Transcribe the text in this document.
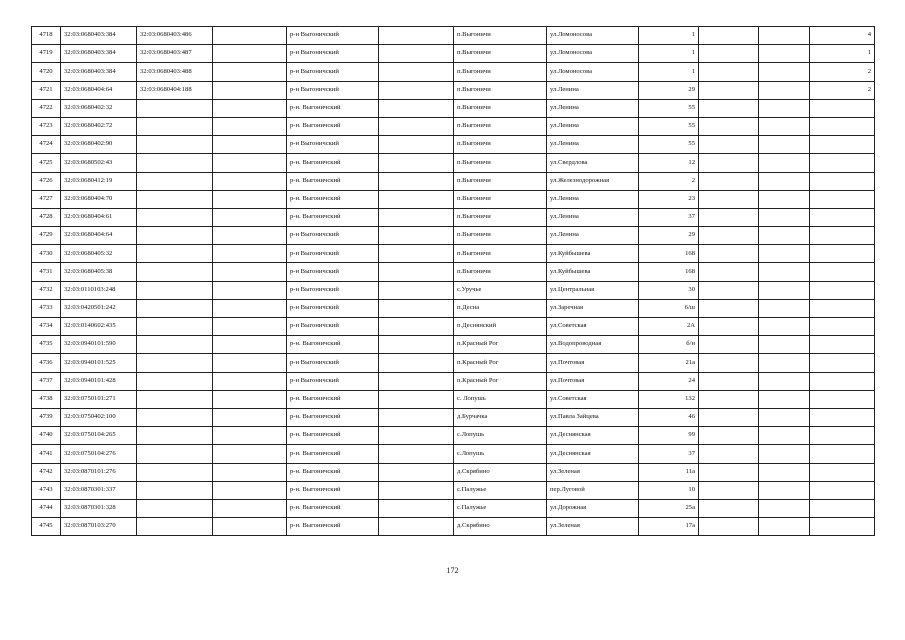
4718	32:03:0680403:384	32:03:0680403:486		р-н Выгоничский		п.Выгоничи	ул.Ломоносова	1			4
4719	32:03:0680403:384	32:03:0680403:487		р-н Выгоничский		п.Выгоничи	ул.Ломоносова	1			1
4720	32:03:0680403:384	32:03:0680403:488		р-н Выгоничский		п.Выгоничи	ул.Ломоносова	1			2
4721	32:03:0680404:64	32:03:0680404:188		р-н Выгоничский		п.Выгоничи	ул.Ленина	29			2
4722	32:03:0680402:32			р-н. Выгоничский		п.Выгоничи	ул.Ленина	55			
4723	32:03:0680402:72			р-н. Выгоничский		п.Выгоничи	ул.Ленина	55			
4724	32:03:0680402:90			р-н Выгоничский		п.Выгоничи	ул.Ленина	55			
4725	32:03:0680502:43			р-н. Выгоничский		п.Выгоничи	ул.Свердлова	12			
4726	32:03:0680412:19			р-н. Выгоничский		п.Выгоничи	ул.Железнодорожная	2			
4727	32:03:0680404:70			р-н. Выгоничский		п.Выгоничи	ул.Ленина	23			
4728	32:03:0680404:61			р-н. Выгоничский		п.Выгоничи	ул.Ленина	37			
4729	32:03:0680404:64			р-н Выгоничский		п.Выгоничи	ул.Ленина	29			
4730	32:03:0680405:32			р-н Выгоничский		п.Выгоничи	ул.Куйбышева	168			
4731	32:03:0680405:38			р-н Выгоничский		п.Выгоничи	ул.Куйбышева	168			
4732	32:03:0110103:248			р-н Выгоничский		с.Уручье	ул.Центральная	30			
4733	32:03:0420501:242			р-н Выгоничский		п.Десна	ул.Заречная	6/ш			
4734	32:03:0140602:435			р-н Выгоничский		п.Деснянский	ул.Советская	2А			
4735	32:03:0940101:590			р-н. Выгоничский		п.Красный Рог	ул.Водопроводная	б/н			
4736	32:03:0940101:525			р-н Выгоничский		п.Красный Рог	ул.Почтовая	21а			
4737	32:03:0940101:428			р-н Выгоничский		п.Красный Рог	ул.Почтовая	24			
4738	32:03:0750101:271			р-н. Выгоничский		с. Лопушь	ул.Советская	132			
4739	32:03:0750402:100			р-н. Выгоничский		д.Бурчачка	ул.Павла Зайцева	46			
4740	32:03:0750104:265			р-н. Выгоничский		с.Лопушь	ул.Деснянская	99			
4741	32:03:0750104:276			р-н. Выгоничский		с.Лопушь	ул.Деснянская	37			
4742	32:03:0870101:276			р-н. Выгоничский		д.Скрябино	ул.Зеленая	11а			
4743	32:03:0870301:337			р-н. Выгоничский		с.Палужье	пер.Луговой	10			
4744	32:03:0870301:328			р-н. Выгоничский		с.Палужье	ул.Дорожная	25а			
4745	32:03:0870103:270			р-н. Выгоничский		д.Скрябино	ул.Зеленая	17а			
172
